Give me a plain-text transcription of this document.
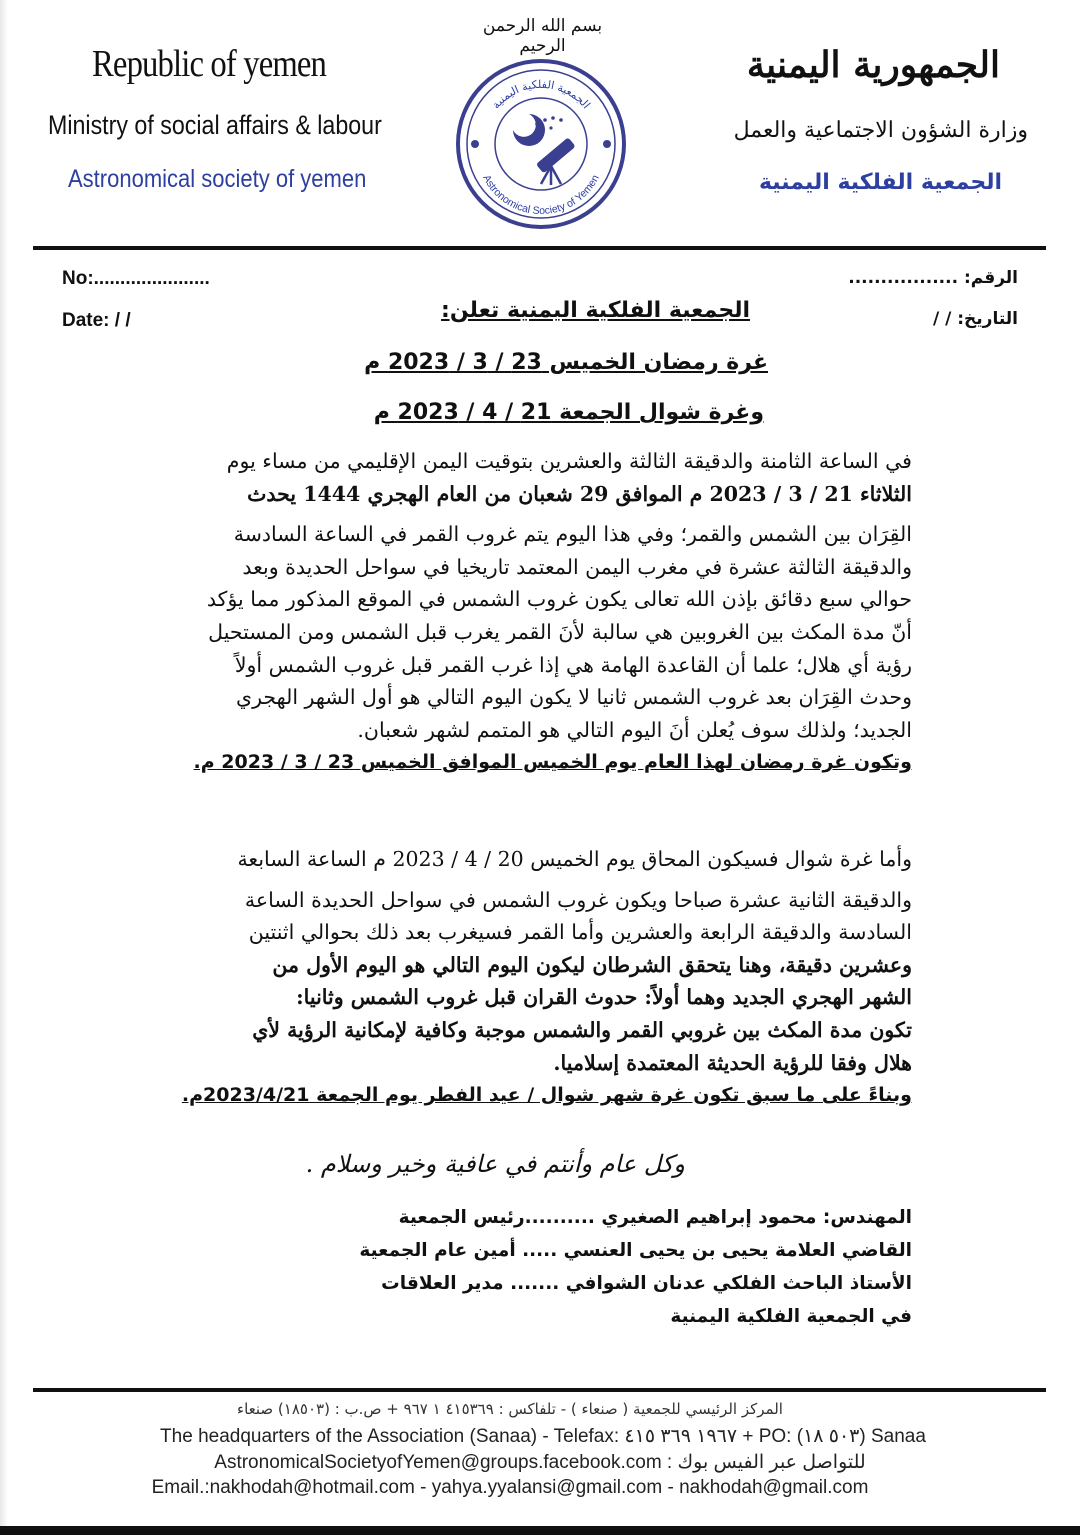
Republic of yemen
Ministry of social affairs & labour
Astronomical society of yemen
الجمهورية اليمنية
وزارة الشؤون الاجتماعية والعمل
الجمعية الفلكية اليمنية
بسم الله الرحمن الرحيم
الجمعية الفلكية اليمنية
Astronomical Society of Yemen
No:......................
Date: / /
الرقم: .................
التاريخ: / /
الجمعية الفلكية اليمنية تعلن:
غرة رمضان الخميس 23 / 3 / 2023 م
وغرة شوال الجمعة 21 / 4 / 2023 م
في الساعة الثامنة والدقيقة الثالثة والعشرين بتوقيت اليمن الإقليمي من مساء يوم
الثلاثاء 21 / 3 / 2023 م الموافق 29 شعبان من العام الهجري 1444 يحدث
القِرَان بين الشمس والقمر؛ وفي هذا اليوم يتم غروب القمر في الساعة السادسة
والدقيقة الثالثة عشرة في مغرب اليمن المعتمد تاريخيا في سواحل الحديدة وبعد
حوالي سبع دقائق بإذن الله تعالى يكون غروب الشمس في الموقع المذكور مما يؤكد
أنّ مدة المكث بين الغروبين هي سالبة لأنَ القمر يغرب قبل الشمس ومن المستحيل
رؤية أي هلال؛ علما أن القاعدة الهامة هي إذا غرب القمر قبل غروب الشمس أولاً
وحدث القِرَان بعد غروب الشمس ثانيا لا يكون اليوم التالي هو أول الشهر الهجري
الجديد؛ ولذلك سوف يُعلن أنَ اليوم التالي هو المتمم لشهر شعبان.
وتكون غرة رمضان لهذا العام يوم الخميس الموافق الخميس 23 / 3 / 2023 م.
وأما غرة شوال فسيكون المحاق يوم الخميس 20 / 4 / 2023 م الساعة السابعة
والدقيقة الثانية عشرة صباحا ويكون غروب الشمس في سواحل الحديدة الساعة
السادسة والدقيقة الرابعة والعشرين وأما القمر فسيغرب بعد ذلك بحوالي اثنتين
وعشرين دقيقة، وهنا يتحقق الشرطان ليكون اليوم التالي هو اليوم الأول من
الشهر الهجري الجديد وهما أولاً: حدوث القران قبل غروب الشمس وثانيا:
تكون مدة المكث بين غروبي القمر والشمس موجبة وكافية لإمكانية الرؤية لأي
هلال وفقا للرؤية الحديثة المعتمدة إسلاميا.
وبناءً على ما سبق تكون غرة شهر شوال / عيد الفطر يوم الجمعة 2023/4/21م.
وكل عام وأنتم في عافية وخير وسلام .
المهندس: محمود إبراهيم الصغيري ..........رئيس الجمعية
القاضي العلامة يحيى بن يحيى العنسي ..... أمين عام الجمعية
الأستاذ الباحث الفلكي عدنان الشوافي ....... مدير العلاقات
في الجمعية الفلكية اليمنية
المركز الرئيسي للجمعية ( صنعاء ) - تلفاكس : ٤١٥٣٦٩ ١ ٩٦٧ + ص.ب : (١٨٥٠٣) صنعاء
The headquarters of the Association (Sanaa) - Telefax: ١٩٦٧ ٣٦٩ ٤١٥ + PO: (٥٠٣ ١٨) Sanaa
AstronomicalSocietyofYemen@groups.facebook.com : للتواصل عبر الفيس بوك
Email.:nakhodah@hotmail.com - yahya.yyalansi@gmail.com - nakhodah@gmail.com
